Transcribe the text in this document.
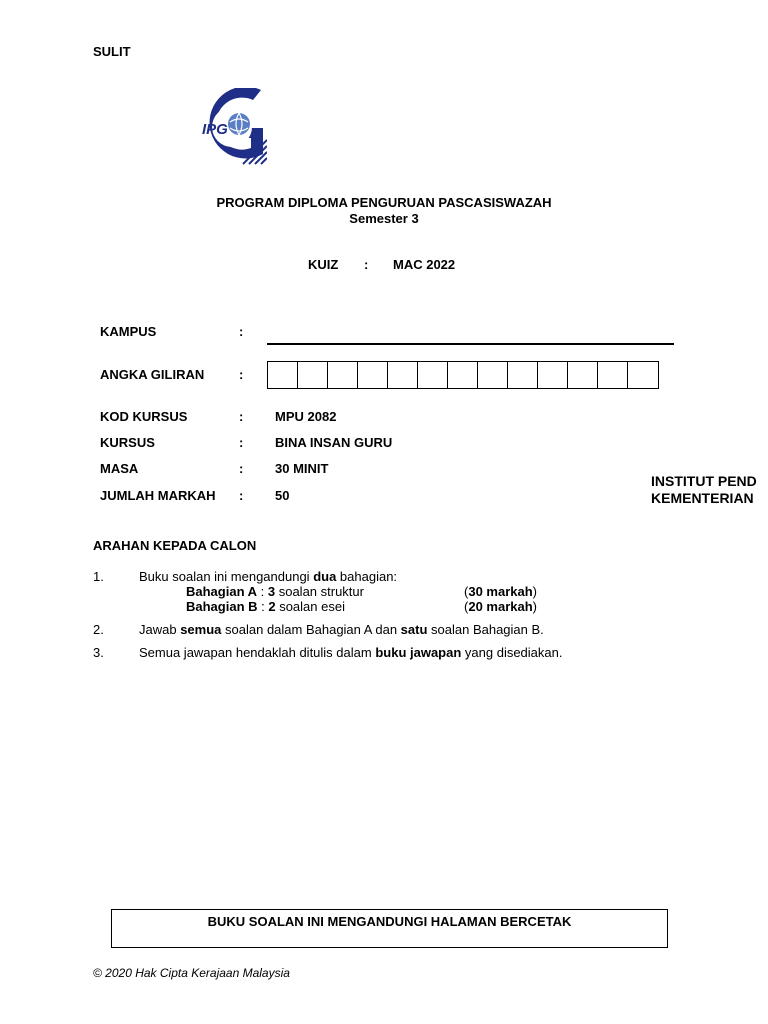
SULIT
IPG
PROGRAM DIPLOMA PENGURUAN PASCASISWAZAH
Semester 3
KUIZ : MAC 2022
KAMPUS	:
ANGKA GILIRAN	:
KOD KURSUS	: MPU 2082
KURSUS	: BINA INSAN GURU
MASA	: 30 MINIT
JUMLAH MARKAH : 50
INSTITUT PEND
KEMENTERIAN
ARAHAN KEPADA CALON
1.	Buku soalan ini mengandungi dua bahagian:
Bahagian A : 3 soalan struktur	(30 markah)
Bahagian B : 2 soalan esei	(20 markah)
2.	Jawab semua soalan dalam Bahagian A dan satu soalan Bahagian B.
3.	Semua jawapan hendaklah ditulis dalam buku jawapan yang disediakan.
BUKU SOALAN INI MENGANDUNGI HALAMAN BERCETAK
© 2020 Hak Cipta Kerajaan Malaysia
